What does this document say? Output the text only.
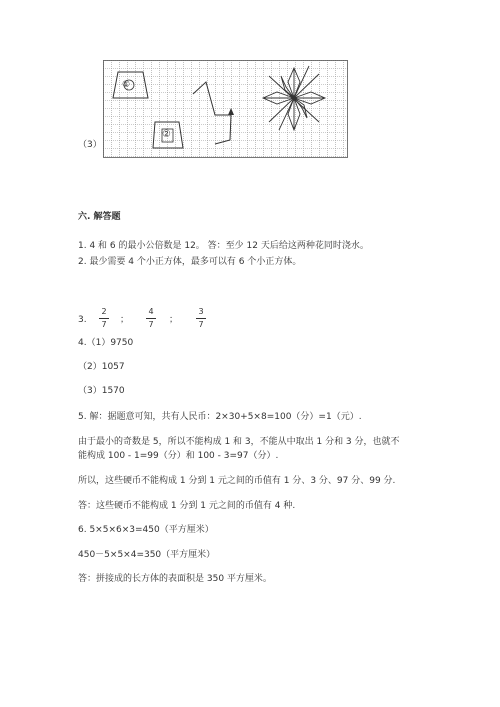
①
②
（3）
六. 解答题
1. 4 和 6 的最小公倍数是 12。 答：至少 12 天后给这两种花同时浇水。
2. 最少需要 4 个小正方体，最多可以有 6 个小正方体。
3.
2
7 ；
4
7 ；
3
7
4.（1）9750
（2）1057
（3）1570
5. 解：据题意可知，共有人民币：2×30+5×8=100（分）=1（元）.
由于最小的奇数是 5，所以不能构成 1 和 3，不能从中取出 1 分和 3 分，也就不
能构成 100 - 1=99（分）和 100 - 3=97（分）.
所以，这些硬币不能构成 1 分到 1 元之间的币值有 1 分、3 分、97 分、99 分.
答：这些硬币不能构成 1 分到 1 元之间的币值有 4 种.
6. 5×5×6×3=450（平方厘米）
450－5×5×4=350（平方厘米）
答：拼接成的长方体的表面积是 350 平方厘米。
